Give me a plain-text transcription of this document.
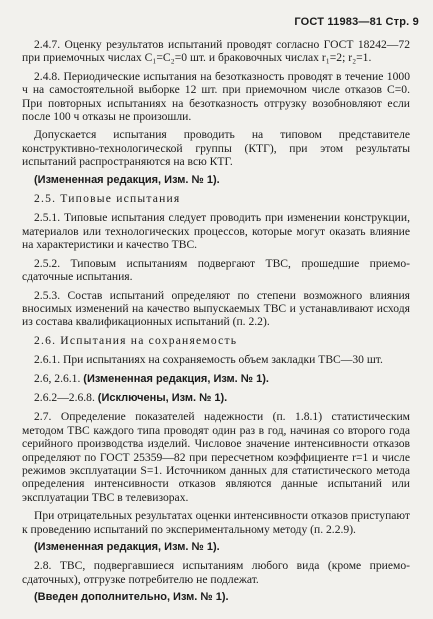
ГОСТ 11983—81 Стр. 9

2.4.7. Оценку результатов испытаний проводят согласно ГОСТ 18242—72 при приемочных числах C₁=C₂=0 шт. и браковочных числах r₁=2; r₂=1.

2.4.8. Периодические испытания на безотказность проводят в течение 1000 ч на самостоятельной выборке 12 шт. при приемочном числе отказов C=0. При повторных испытаниях на безотказность отгрузку возобновляют если после 100 ч отказы не произошли.

Допускается испытания проводить на типовом представителе конструктивно-технологической группы (КТГ), при этом результаты испытаний распространяются на всю КТГ.

(Измененная редакция, Изм. № 1).

2.5. Типовые испытания

2.5.1. Типовые испытания следует проводить при изменении конструкции, материалов или технологических процессов, которые могут оказать влияние на характеристики и качество ТВС.

2.5.2. Типовым испытаниям подвергают ТВС, прошедшие приемо-сдаточные испытания.

2.5.3. Состав испытаний определяют по степени возможного влияния вносимых изменений на качество выпускаемых ТВС и устанавливают исходя из состава квалификационных испытаний (п. 2.2).

2.6. Испытания на сохраняемость

2.6.1. При испытаниях на сохраняемость объем закладки ТВС—30 шт.

2.6, 2.6.1. (Измененная редакция, Изм. № 1).

2.6.2—2.6.8. (Исключены, Изм. № 1).

2.7. Определение показателей надежности (п. 1.8.1) статистическим методом ТВС каждого типа проводят один раз в год, начиная со второго года серийного производства изделий. Числовое значение интенсивности отказов определяют по ГОСТ 25359—82 при пересчетном коэффициенте r=1 и числе режимов эксплуатации S=1. Источником данных для статистического метода определения интенсивности отказов являются данные испытаний или эксплуатации ТВС в телевизорах.

При отрицательных результатах оценки интенсивности отказов приступают к проведению испытаний по экспериментальному методу (п. 2.2.9).

(Измененная редакция, Изм. № 1).

2.8. ТВС, подвергавшиеся испытаниям любого вида (кроме приемо-сдаточных), отгрузке потребителю не подлежат.

(Введен дополнительно, Изм. № 1).
